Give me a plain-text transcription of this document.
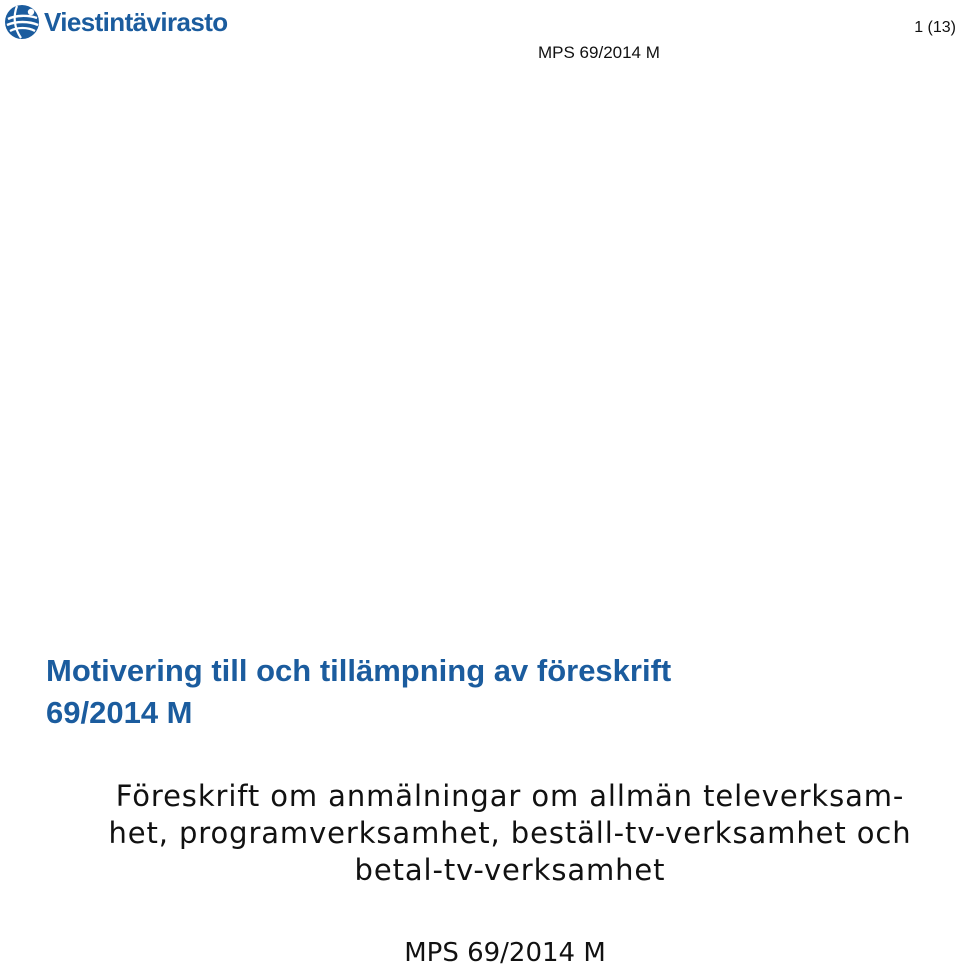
Viestintävirasto	1 (13)
MPS 69/2014 M
Motivering till och tillämpning av föreskrift
69/2014 M
Föreskrift om anmälningar om allmän televerksam-
het, programverksamhet, beställ-tv-verksamhet och
betal-tv-verksamhet
MPS 69/2014 M
